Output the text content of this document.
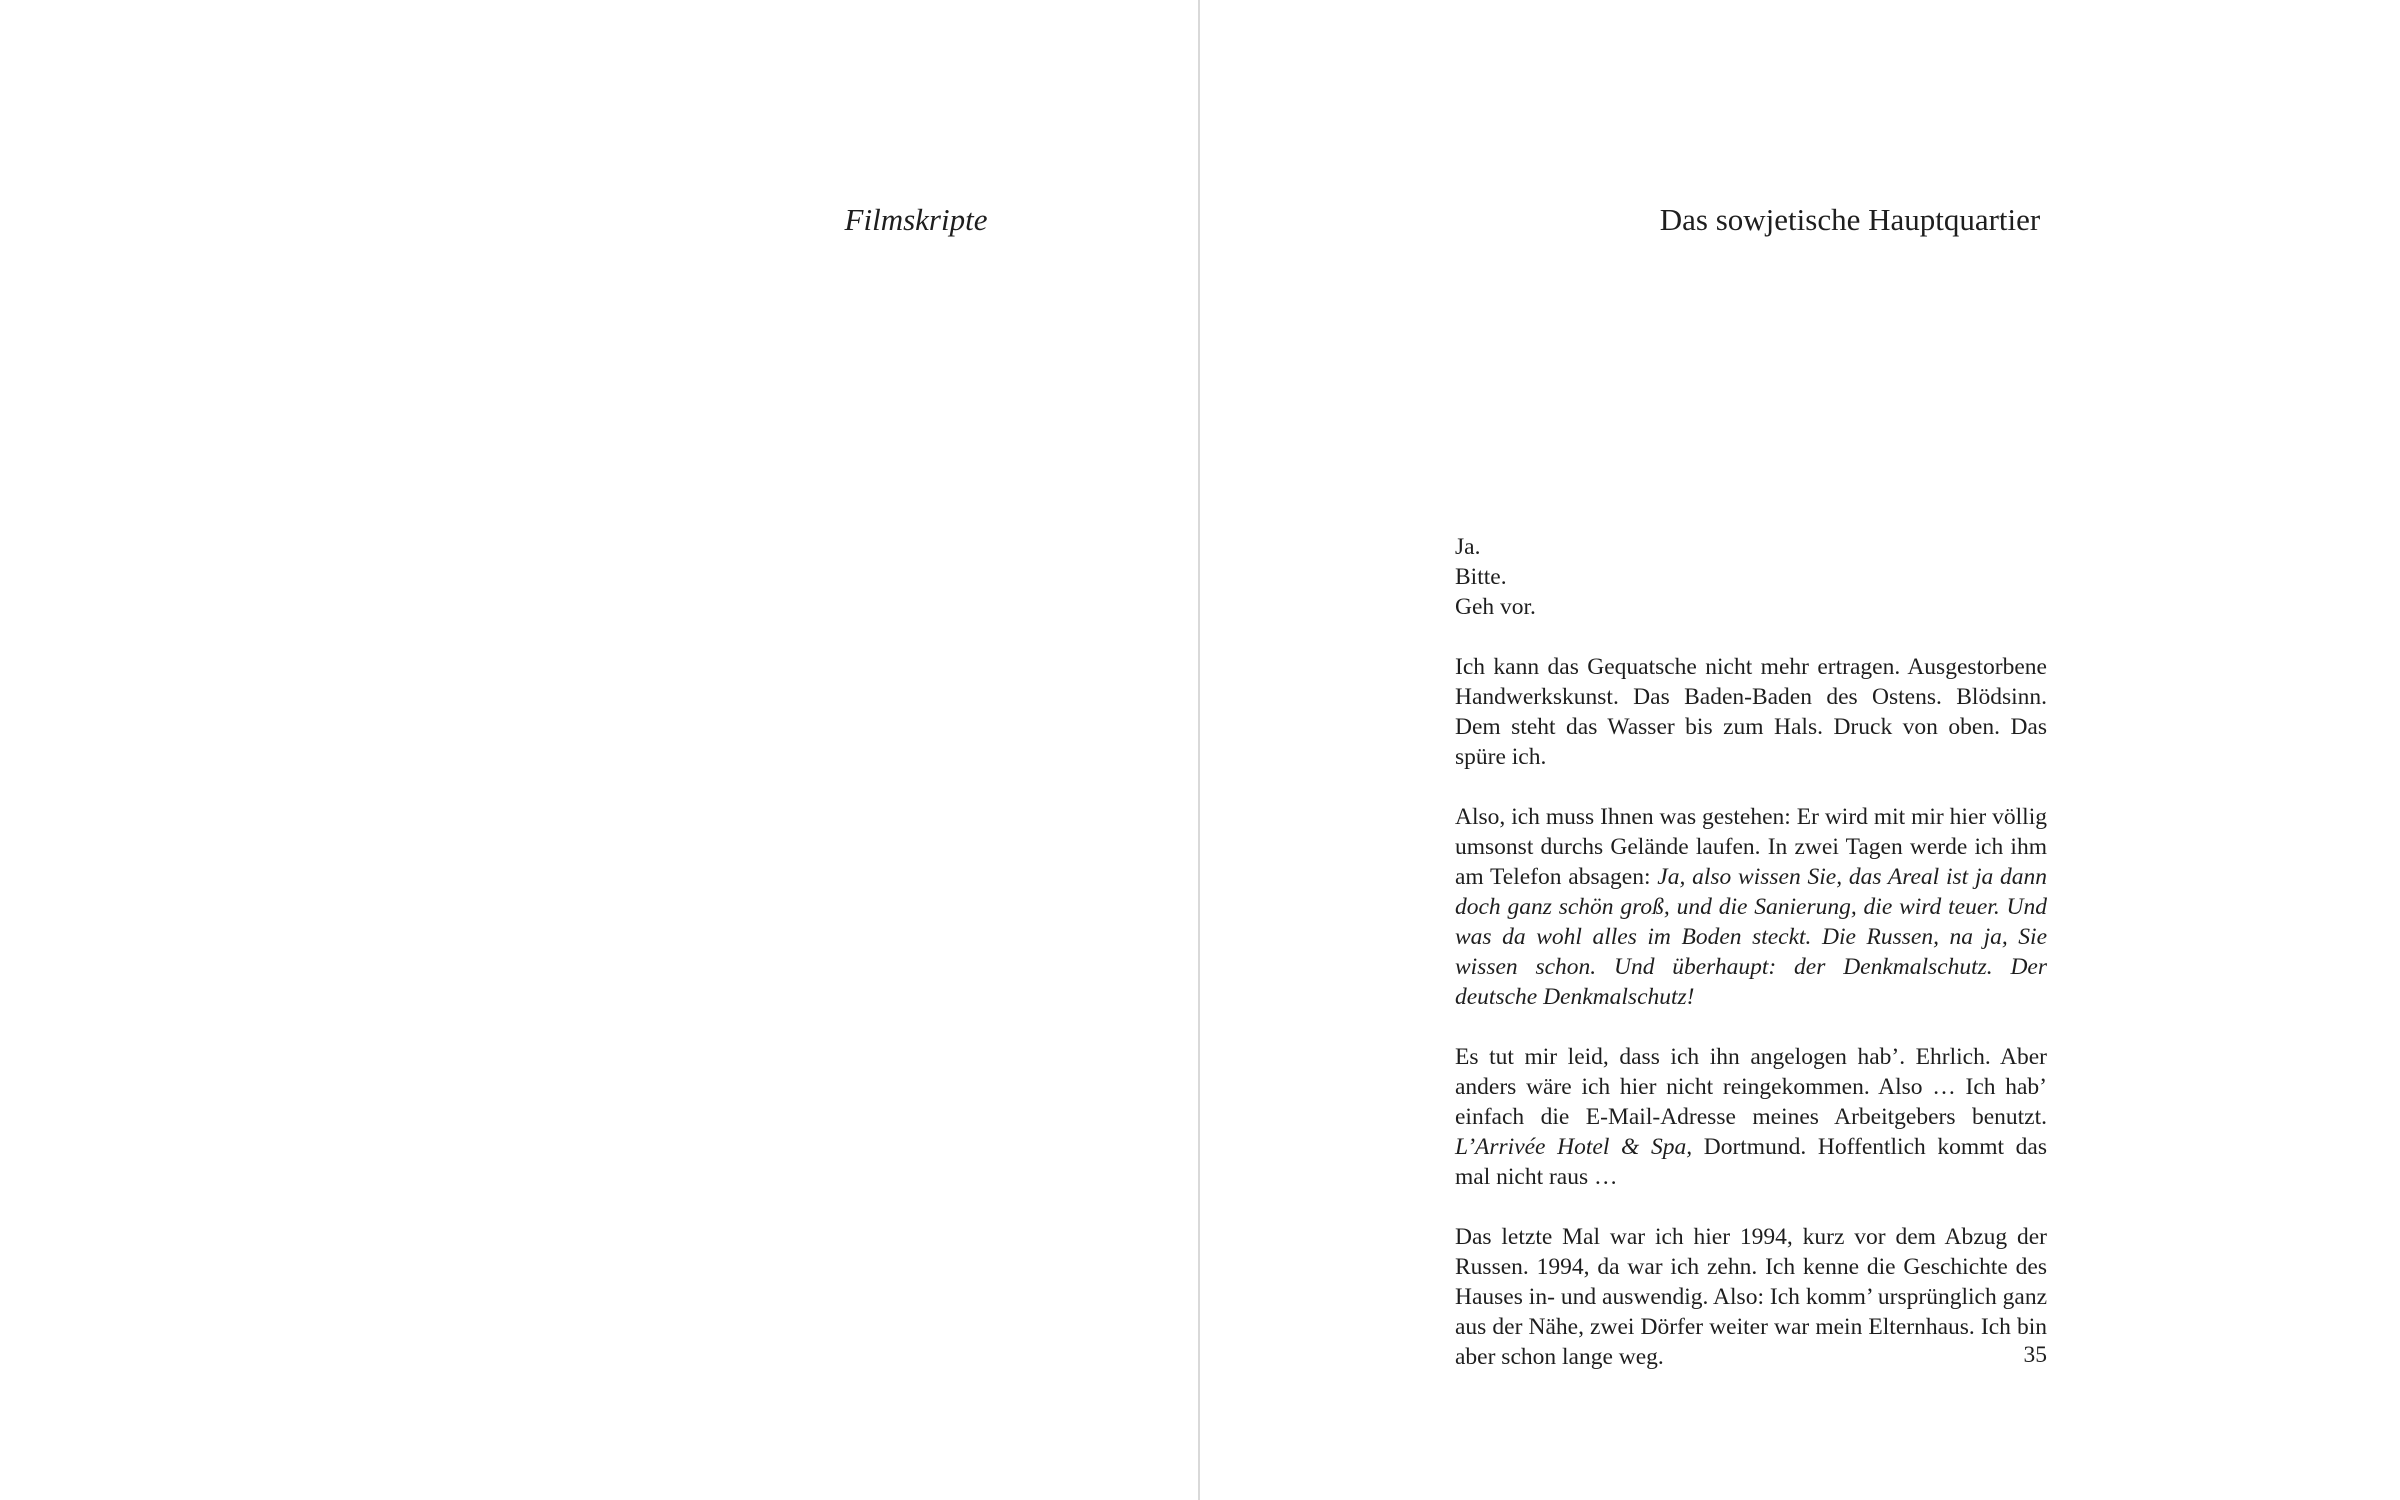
Filmskripte	Das sowjetische Hauptquartier

Ja.

Bitte.

Geh vor.

Ich kann das Gequatsche nicht mehr ertragen. Ausgestorbene Handwerkskunst. Das Baden-Baden des Ostens. Blödsinn. Dem steht das Wasser bis zum Hals. Druck von oben. Das spüre ich.

Also, ich muss Ihnen was gestehen: Er wird mit mir hier völlig umsonst durchs Gelände laufen. In zwei Tagen werde ich ihm am Telefon absagen: Ja, also wissen Sie, das Areal ist ja dann doch ganz schön groß, und die Sanierung, die wird teuer. Und was da wohl alles im Boden steckt. Die Russen, na ja, Sie wissen schon. Und überhaupt: der Denkmalschutz. Der deutsche Denkmalschutz!

Es tut mir leid, dass ich ihn angelogen hab’. Ehrlich. Aber anders wäre ich hier nicht reingekommen. Also … Ich hab’ einfach die E-Mail-Adresse meines Arbeitgebers benutzt. L’Arrivée Hotel & Spa, Dortmund. Hoffentlich kommt das mal nicht raus …

Das letzte Mal war ich hier 1994, kurz vor dem Abzug der Russen. 1994, da war ich zehn. Ich kenne die Geschichte des Hauses in- und auswendig. Also: Ich komm’ ursprünglich ganz aus der Nähe, zwei Dörfer weiter war mein Elternhaus. Ich bin aber schon lange weg.	35
